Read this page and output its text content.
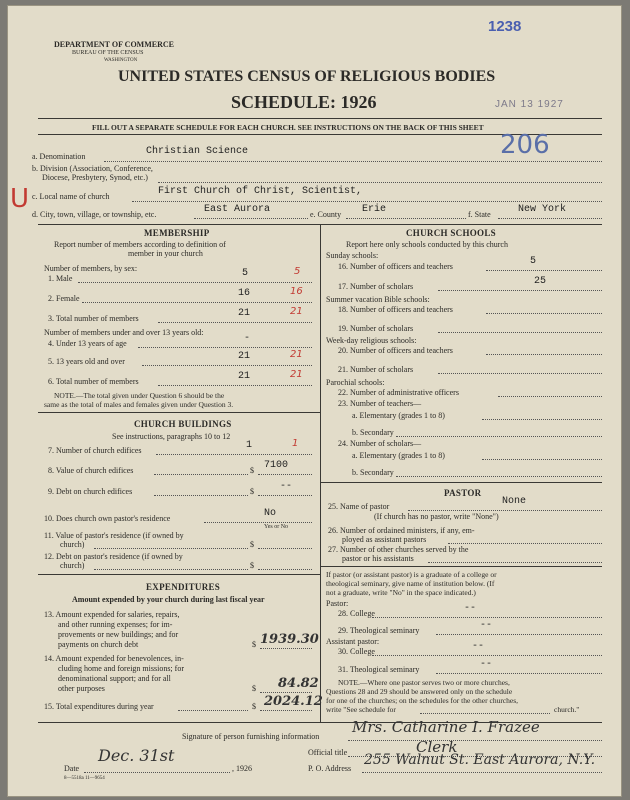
DEPARTMENT OF COMMERCE
BUREAU OF THE CENSUS
WASHINGTON
1238
UNITED STATES CENSUS OF RELIGIOUS BODIES
SCHEDULE: 1926	JAN 13 1927
FILL OUT A SEPARATE SCHEDULE FOR EACH CHURCH. SEE INSTRUCTIONS ON THE BACK OF THIS SHEET
206
U
a. Denomination	Christian Science
b. Division (Association, Conference,
Diocese, Presbytery, Synod, etc.)
c. Local name of church	First Church of Christ, Scientist,
d. City, town, village, or township, etc.	East Aurora	e. County Erie	f. State	New York
MEMBERSHIP
Report number of members according to definition of
member in your church
Number of members, by sex:
1. Male	5	5
2. Female	16	16
3. Total number of members	21	21
Number of members under and over 13 years old:
4. Under 13 years of age	-
5. 13 years old and over	21	21
6. Total number of members	21	21
NOTE.—The total given under Question 6 should be the
same as the total of males and females given under Question 3.
CHURCH BUILDINGS
See instructions, paragraphs 10 to 12
7. Number of church edifices	1	1
8. Value of church edifices	$ 7100
9. Debt on church edifices	$	--
10. Does church own pastor's residence	No
Yes or No
11. Value of pastor's residence (if owned by
church)	$
12. Debt on pastor's residence (if owned by
church)	$
EXPENDITURES
Amount expended by your church during last fiscal year
13. Amount expended for salaries, repairs,
and other running expenses; for im-
provements or new buildings; and for
payments on church debt	$ 1939.30
14. Amount expended for benevolences, in-
cluding home and foreign missions; for
denominational support; and for all
other purposes	$ 84.82
15. Total expenditures during year	$ 2024.12
CHURCH SCHOOLS
Report here only schools conducted by this church
Sunday schools:
16. Number of officers and teachers	5
17. Number of scholars	25
Summer vacation Bible schools:
18. Number of officers and teachers
19. Number of scholars
Week-day religious schools:
20. Number of officers and teachers
21. Number of scholars
Parochial schools:
22. Number of administrative officers
23. Number of teachers—
a. Elementary (grades 1 to 8)
b. Secondary
24. Number of scholars—
a. Elementary (grades 1 to 8)
b. Secondary
PASTOR
25. Name of pastor	None
(If church has no pastor, write "None")
26. Number of ordained ministers, if any, em-
ployed as assistant pastors
27. Number of other churches served by the
pastor or his assistants
If pastor (or assistant pastor) is a graduate of a college or
theological seminary, give name of institution below. (If
not a graduate, write "No" in the space indicated.)
Pastor:
28. College	--
29. Theological seminary	--
Assistant pastor:
30. College	--
31. Theological seminary	--
NOTE.—Where one pastor serves two or more churches,
Questions 28 and 29 should be answered only on the schedule
for one of the churches; on the schedules for the other churches,
write "See schedule for	church."
Signature of person furnishing information
Mrs. Catharine I. Frazee
Official title	Clerk
Date
Dec. 31st
, 1926	P. O. Address
255 Walnut St. East Aurora, N.Y.
8—5518a 11—9654
